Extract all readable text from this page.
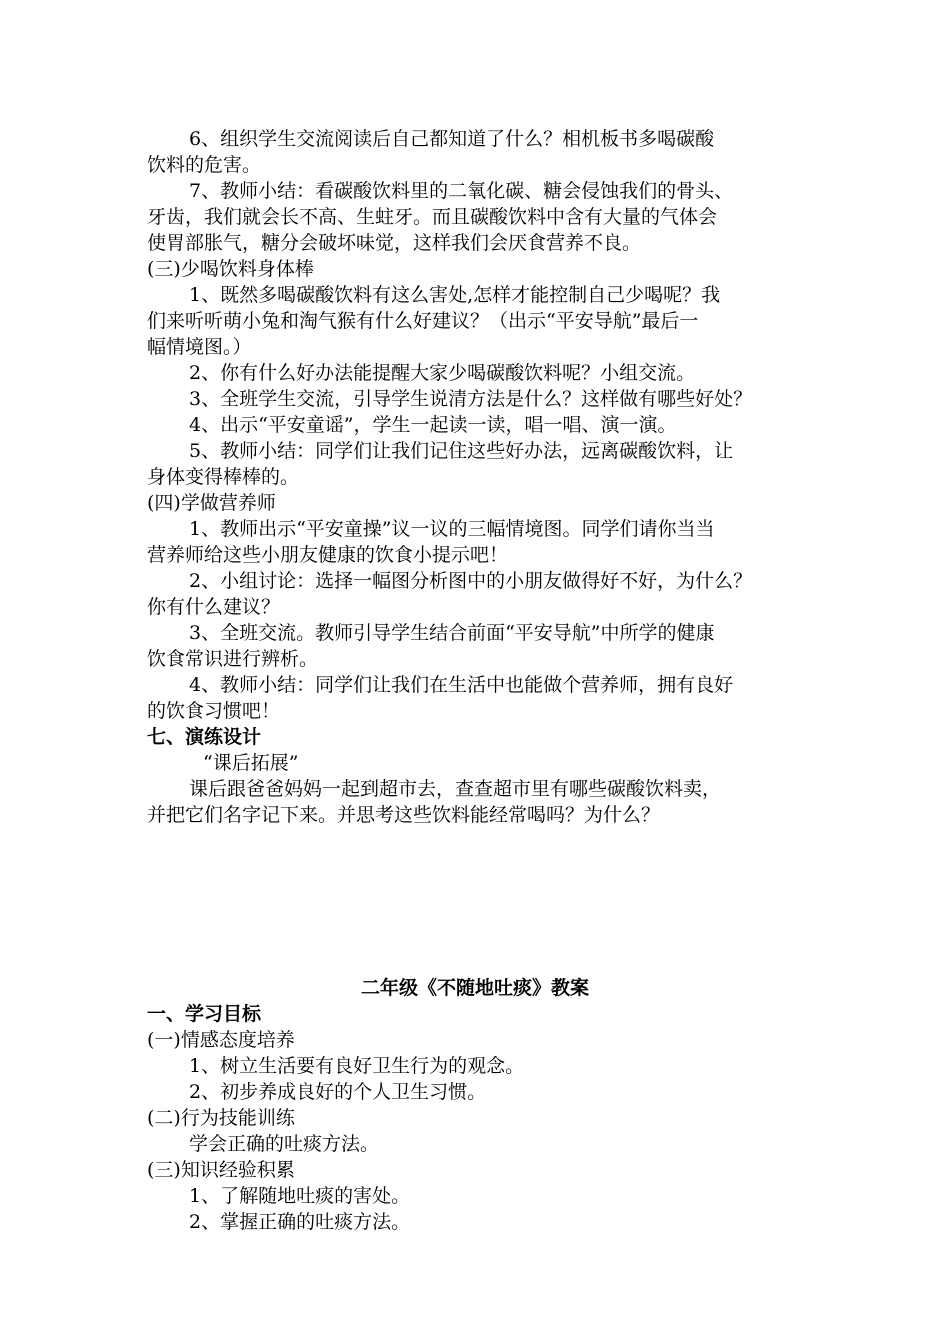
6、组织学生交流阅读后自己都知道了什么？相机板书多喝碳酸
饮料的危害。
7、教师小结：看碳酸饮料里的二氧化碳、糖会侵蚀我们的骨头、
牙齿，我们就会长不高、生蛀牙。而且碳酸饮料中含有大量的气体会
使胃部胀气，糖分会破坏味觉，这样我们会厌食营养不良。
(三)少喝饮料身体棒
1、既然多喝碳酸饮料有这么害处,怎样才能控制自己少喝呢？我
们来听听萌小兔和淘气猴有什么好建议？（出示“平安导航”最后一
幅情境图。）
2、你有什么好办法能提醒大家少喝碳酸饮料呢？小组交流。
3、全班学生交流，引导学生说清方法是什么？这样做有哪些好处？
4、出示“平安童谣”，学生一起读一读，唱一唱、演一演。
5、教师小结：同学们让我们记住这些好办法，远离碳酸饮料，让
身体变得棒棒的。
(四)学做营养师
1、教师出示“平安童操”议一议的三幅情境图。同学们请你当当
营养师给这些小朋友健康的饮食小提示吧！
2、小组讨论：选择一幅图分析图中的小朋友做得好不好，为什么？
你有什么建议？
3、全班交流。教师引导学生结合前面“平安导航”中所学的健康
饮食常识进行辨析。
4、教师小结：同学们让我们在生活中也能做个营养师，拥有良好
的饮食习惯吧！
七、演练设计
“课后拓展”
课后跟爸爸妈妈一起到超市去，查查超市里有哪些碳酸饮料卖，
并把它们名字记下来。并思考这些饮料能经常喝吗？为什么？
二年级《不随地吐痰》教案
一、学习目标
(一)情感态度培养
1、树立生活要有良好卫生行为的观念。
2、初步养成良好的个人卫生习惯。
(二)行为技能训练
学会正确的吐痰方法。
(三)知识经验积累
1、了解随地吐痰的害处。
2、掌握正确的吐痰方法。
